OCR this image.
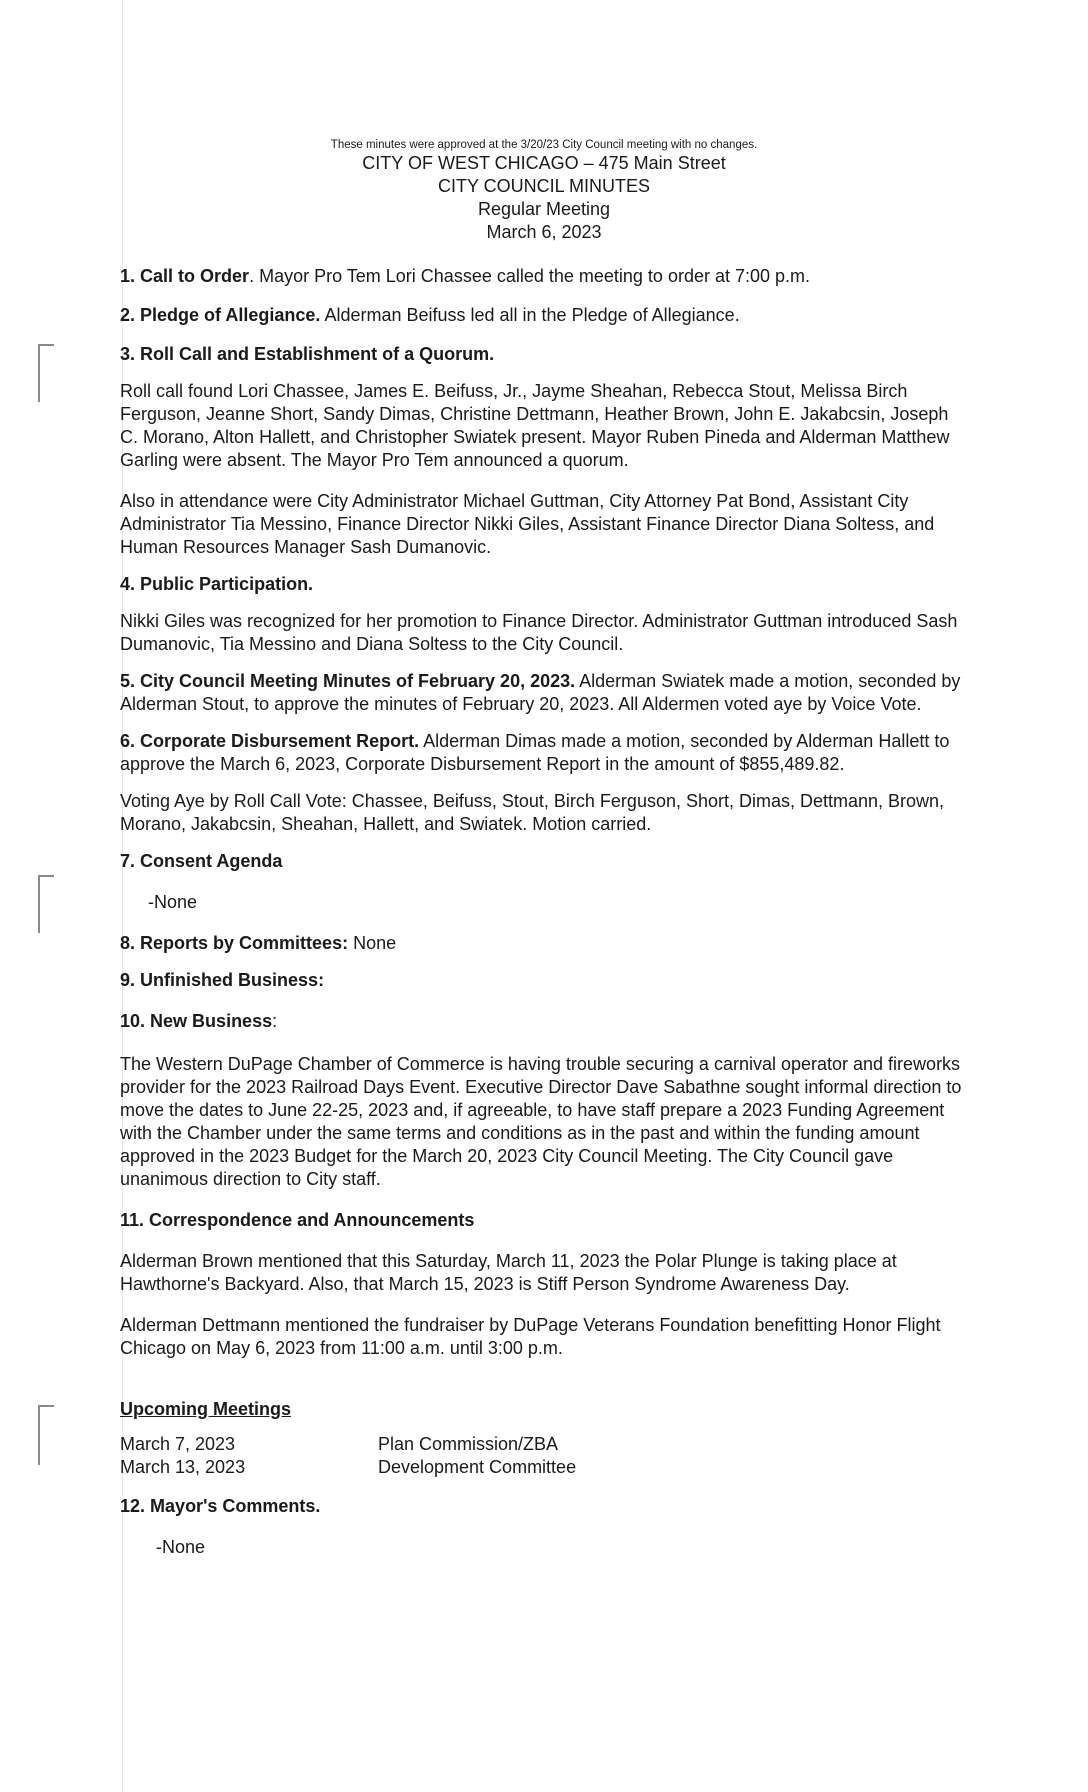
These minutes were approved at the 3/20/23 City Council meeting with no changes.
CITY OF WEST CHICAGO – 475 Main Street
CITY COUNCIL MINUTES
Regular Meeting
March 6, 2023

1. Call to Order. Mayor Pro Tem Lori Chassee called the meeting to order at 7:00 p.m.

2. Pledge of Allegiance. Alderman Beifuss led all in the Pledge of Allegiance.

3. Roll Call and Establishment of a Quorum.

Roll call found Lori Chassee, James E. Beifuss, Jr., Jayme Sheahan, Rebecca Stout, Melissa Birch Ferguson, Jeanne Short, Sandy Dimas, Christine Dettmann, Heather Brown, John E. Jakabcsin, Joseph C. Morano, Alton Hallett, and Christopher Swiatek present. Mayor Ruben Pineda and Alderman Matthew Garling were absent. The Mayor Pro Tem announced a quorum.

Also in attendance were City Administrator Michael Guttman, City Attorney Pat Bond, Assistant City Administrator Tia Messino, Finance Director Nikki Giles, Assistant Finance Director Diana Soltess, and Human Resources Manager Sash Dumanovic.

4. Public Participation.

Nikki Giles was recognized for her promotion to Finance Director. Administrator Guttman introduced Sash Dumanovic, Tia Messino and Diana Soltess to the City Council.

5. City Council Meeting Minutes of February 20, 2023. Alderman Swiatek made a motion, seconded by Alderman Stout, to approve the minutes of February 20, 2023. All Aldermen voted aye by Voice Vote.

6. Corporate Disbursement Report. Alderman Dimas made a motion, seconded by Alderman Hallett to approve the March 6, 2023, Corporate Disbursement Report in the amount of $855,489.82.

Voting Aye by Roll Call Vote: Chassee, Beifuss, Stout, Birch Ferguson, Short, Dimas, Dettmann, Brown, Morano, Jakabcsin, Sheahan, Hallett, and Swiatek. Motion carried.

7. Consent Agenda

-None

8. Reports by Committees: None

9. Unfinished Business:

10. New Business:

The Western DuPage Chamber of Commerce is having trouble securing a carnival operator and fireworks provider for the 2023 Railroad Days Event. Executive Director Dave Sabathne sought informal direction to move the dates to June 22-25, 2023 and, if agreeable, to have staff prepare a 2023 Funding Agreement with the Chamber under the same terms and conditions as in the past and within the funding amount approved in the 2023 Budget for the March 20, 2023 City Council Meeting. The City Council gave unanimous direction to City staff.

11. Correspondence and Announcements

Alderman Brown mentioned that this Saturday, March 11, 2023 the Polar Plunge is taking place at Hawthorne's Backyard. Also, that March 15, 2023 is Stiff Person Syndrome Awareness Day.

Alderman Dettmann mentioned the fundraiser by DuPage Veterans Foundation benefitting Honor Flight Chicago on May 6, 2023 from 11:00 a.m. until 3:00 p.m.

Upcoming Meetings

March 7, 2023	Plan Commission/ZBA
March 13, 2023	Development Committee

12. Mayor's Comments.

-None
